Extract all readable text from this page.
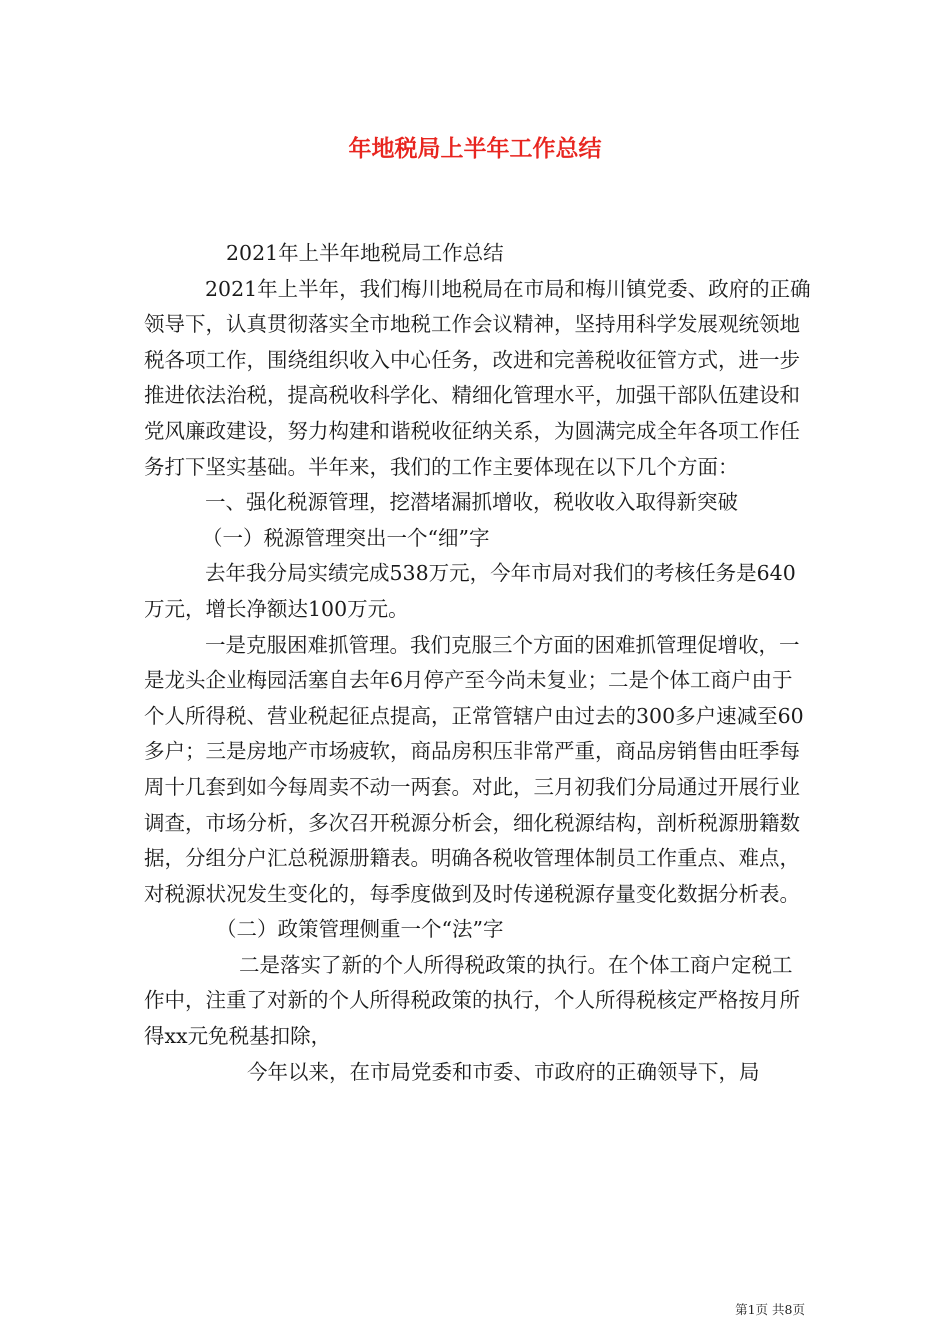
年地税局上半年工作总结

2021年上半年地税局工作总结

2021年上半年，我们梅川地税局在市局和梅川镇党委、政府的正确领导下，认真贯彻落实全市地税工作会议精神，坚持用科学发展观统领地税各项工作，围绕组织收入中心任务，改进和完善税收征管方式，进一步推进依法治税，提高税收科学化、精细化管理水平，加强干部队伍建设和党风廉政建设，努力构建和谐税收征纳关系，为圆满完成全年各项工作任务打下坚实基础。半年来，我们的工作主要体现在以下几个方面：

一、强化税源管理，挖潜堵漏抓增收，税收收入取得新突破

（一）税源管理突出一个“细”字

去年我分局实绩完成538万元，今年市局对我们的考核任务是640万元，增长净额达100万元。

一是克服困难抓管理。我们克服三个方面的困难抓管理促增收，一是龙头企业梅园活塞自去年6月停产至今尚未复业；二是个体工商户由于个人所得税、营业税起征点提高，正常管辖户由过去的300多户速减至60多户；三是房地产市场疲软，商品房积压非常严重，商品房销售由旺季每周十几套到如今每周卖不动一两套。对此，三月初我们分局通过开展行业调查，市场分析，多次召开税源分析会，细化税源结构，剖析税源册籍数据，分组分户汇总税源册籍表。明确各税收管理体制员工作重点、难点，对税源状况发生变化的，每季度做到及时传递税源存量变化数据分析表。

（二）政策管理侧重一个“法”字

二是落实了新的个人所得税政策的执行。在个体工商户定税工作中，注重了对新的个人所得税政策的执行，个人所得税核定严格按月所得xx元免税基扣除，

今年以来，在市局党委和市委、市政府的正确领导下，局

第1页 共8页
